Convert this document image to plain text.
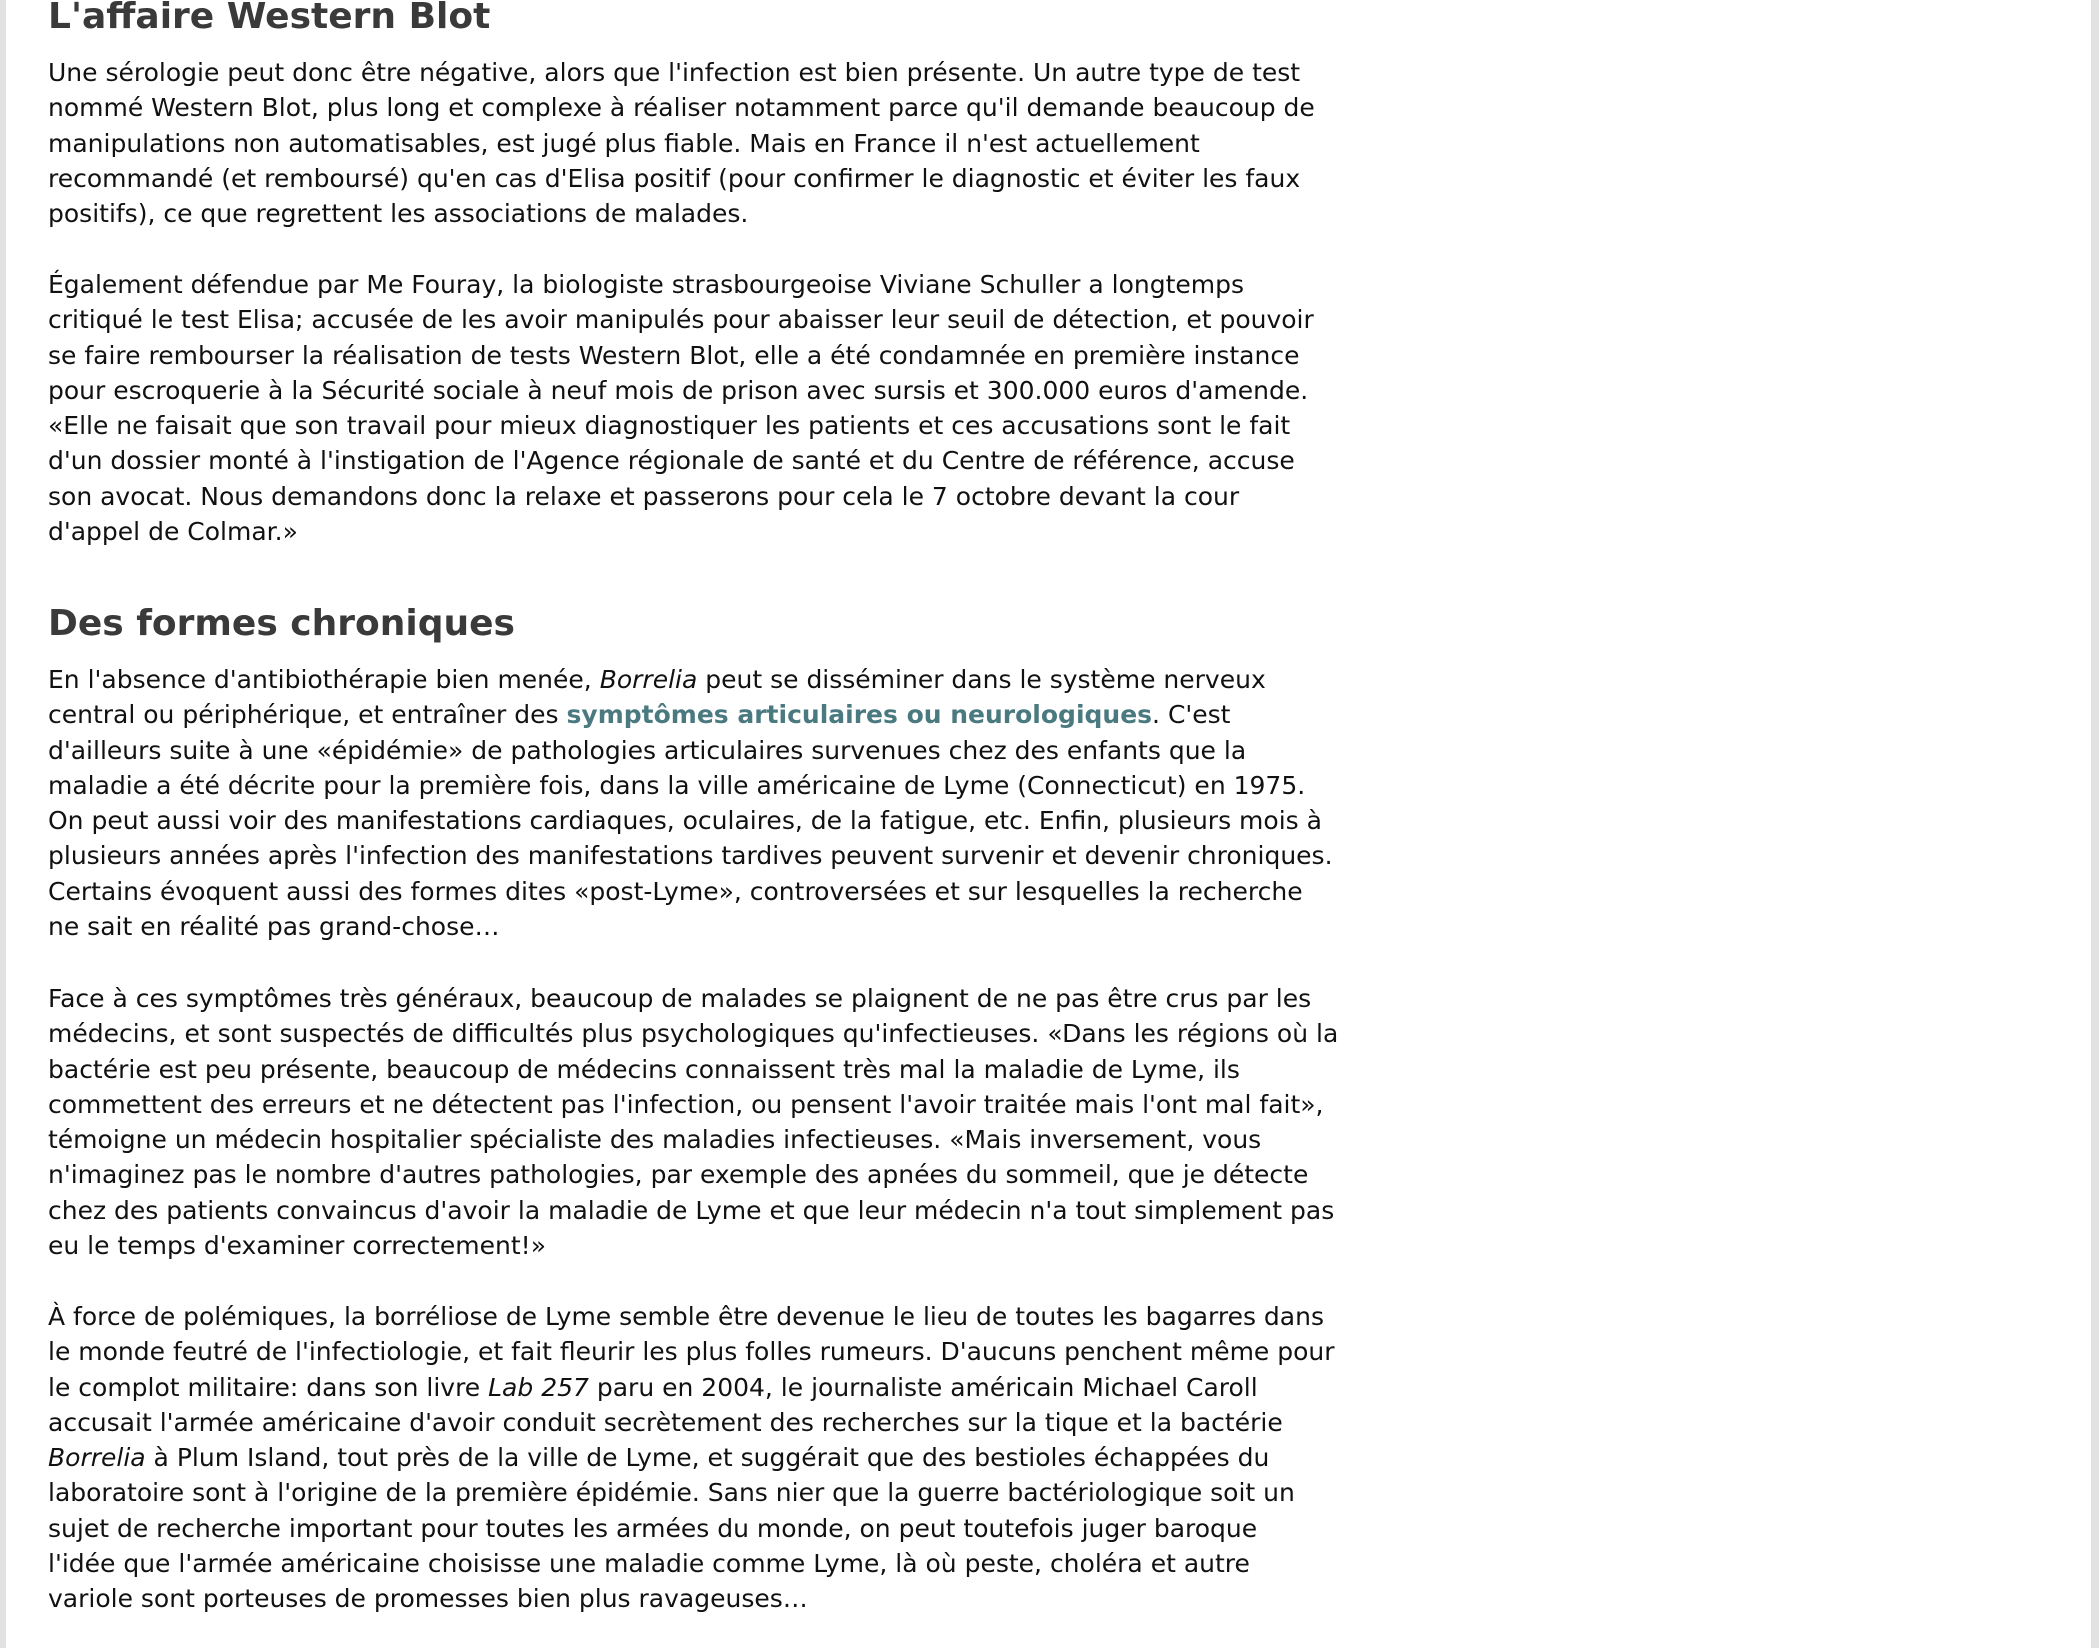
L'affaire Western Blot
Une sérologie peut donc être négative, alors que l'infection est bien présente. Un autre type de test
nommé Western Blot, plus long et complexe à réaliser notamment parce qu'il demande beaucoup de
manipulations non automatisables, est jugé plus fiable. Mais en France il n'est actuellement
recommandé (et remboursé) qu'en cas d'Elisa positif (pour confirmer le diagnostic et éviter les faux
positifs), ce que regrettent les associations de malades.
Également défendue par Me Fouray, la biologiste strasbourgeoise Viviane Schuller a longtemps
critiqué le test Elisa; accusée de les avoir manipulés pour abaisser leur seuil de détection, et pouvoir
se faire rembourser la réalisation de tests Western Blot, elle a été condamnée en première instance
pour escroquerie à la Sécurité sociale à neuf mois de prison avec sursis et 300.000 euros d'amende.
«Elle ne faisait que son travail pour mieux diagnostiquer les patients et ces accusations sont le fait
d'un dossier monté à l'instigation de l'Agence régionale de santé et du Centre de référence, accuse
son avocat. Nous demandons donc la relaxe et passerons pour cela le 7 octobre devant la cour
d'appel de Colmar.»
Des formes chroniques
En l'absence d'antibiothérapie bien menée, Borrelia peut se disséminer dans le système nerveux
central ou périphérique, et entraîner des symptômes articulaires ou neurologiques. C'est
d'ailleurs suite à une «épidémie» de pathologies articulaires survenues chez des enfants que la
maladie a été décrite pour la première fois, dans la ville américaine de Lyme (Connecticut) en 1975.
On peut aussi voir des manifestations cardiaques, oculaires, de la fatigue, etc. Enfin, plusieurs mois à
plusieurs années après l'infection des manifestations tardives peuvent survenir et devenir chroniques.
Certains évoquent aussi des formes dites «post-Lyme», controversées et sur lesquelles la recherche
ne sait en réalité pas grand-chose…
Face à ces symptômes très généraux, beaucoup de malades se plaignent de ne pas être crus par les
médecins, et sont suspectés de difficultés plus psychologiques qu'infectieuses. «Dans les régions où la
bactérie est peu présente, beaucoup de médecins connaissent très mal la maladie de Lyme, ils
commettent des erreurs et ne détectent pas l'infection, ou pensent l'avoir traitée mais l'ont mal fait»,
témoigne un médecin hospitalier spécialiste des maladies infectieuses. «Mais inversement, vous
n'imaginez pas le nombre d'autres pathologies, par exemple des apnées du sommeil, que je détecte
chez des patients convaincus d'avoir la maladie de Lyme et que leur médecin n'a tout simplement pas
eu le temps d'examiner correctement!»
À force de polémiques, la borréliose de Lyme semble être devenue le lieu de toutes les bagarres dans
le monde feutré de l'infectiologie, et fait fleurir les plus folles rumeurs. D'aucuns penchent même pour
le complot militaire: dans son livre Lab 257 paru en 2004, le journaliste américain Michael Caroll
accusait l'armée américaine d'avoir conduit secrètement des recherches sur la tique et la bactérie
Borrelia à Plum Island, tout près de la ville de Lyme, et suggérait que des bestioles échappées du
laboratoire sont à l'origine de la première épidémie. Sans nier que la guerre bactériologique soit un
sujet de recherche important pour toutes les armées du monde, on peut toutefois juger baroque
l'idée que l'armée américaine choisisse une maladie comme Lyme, là où peste, choléra et autre
variole sont porteuses de promesses bien plus ravageuses…
